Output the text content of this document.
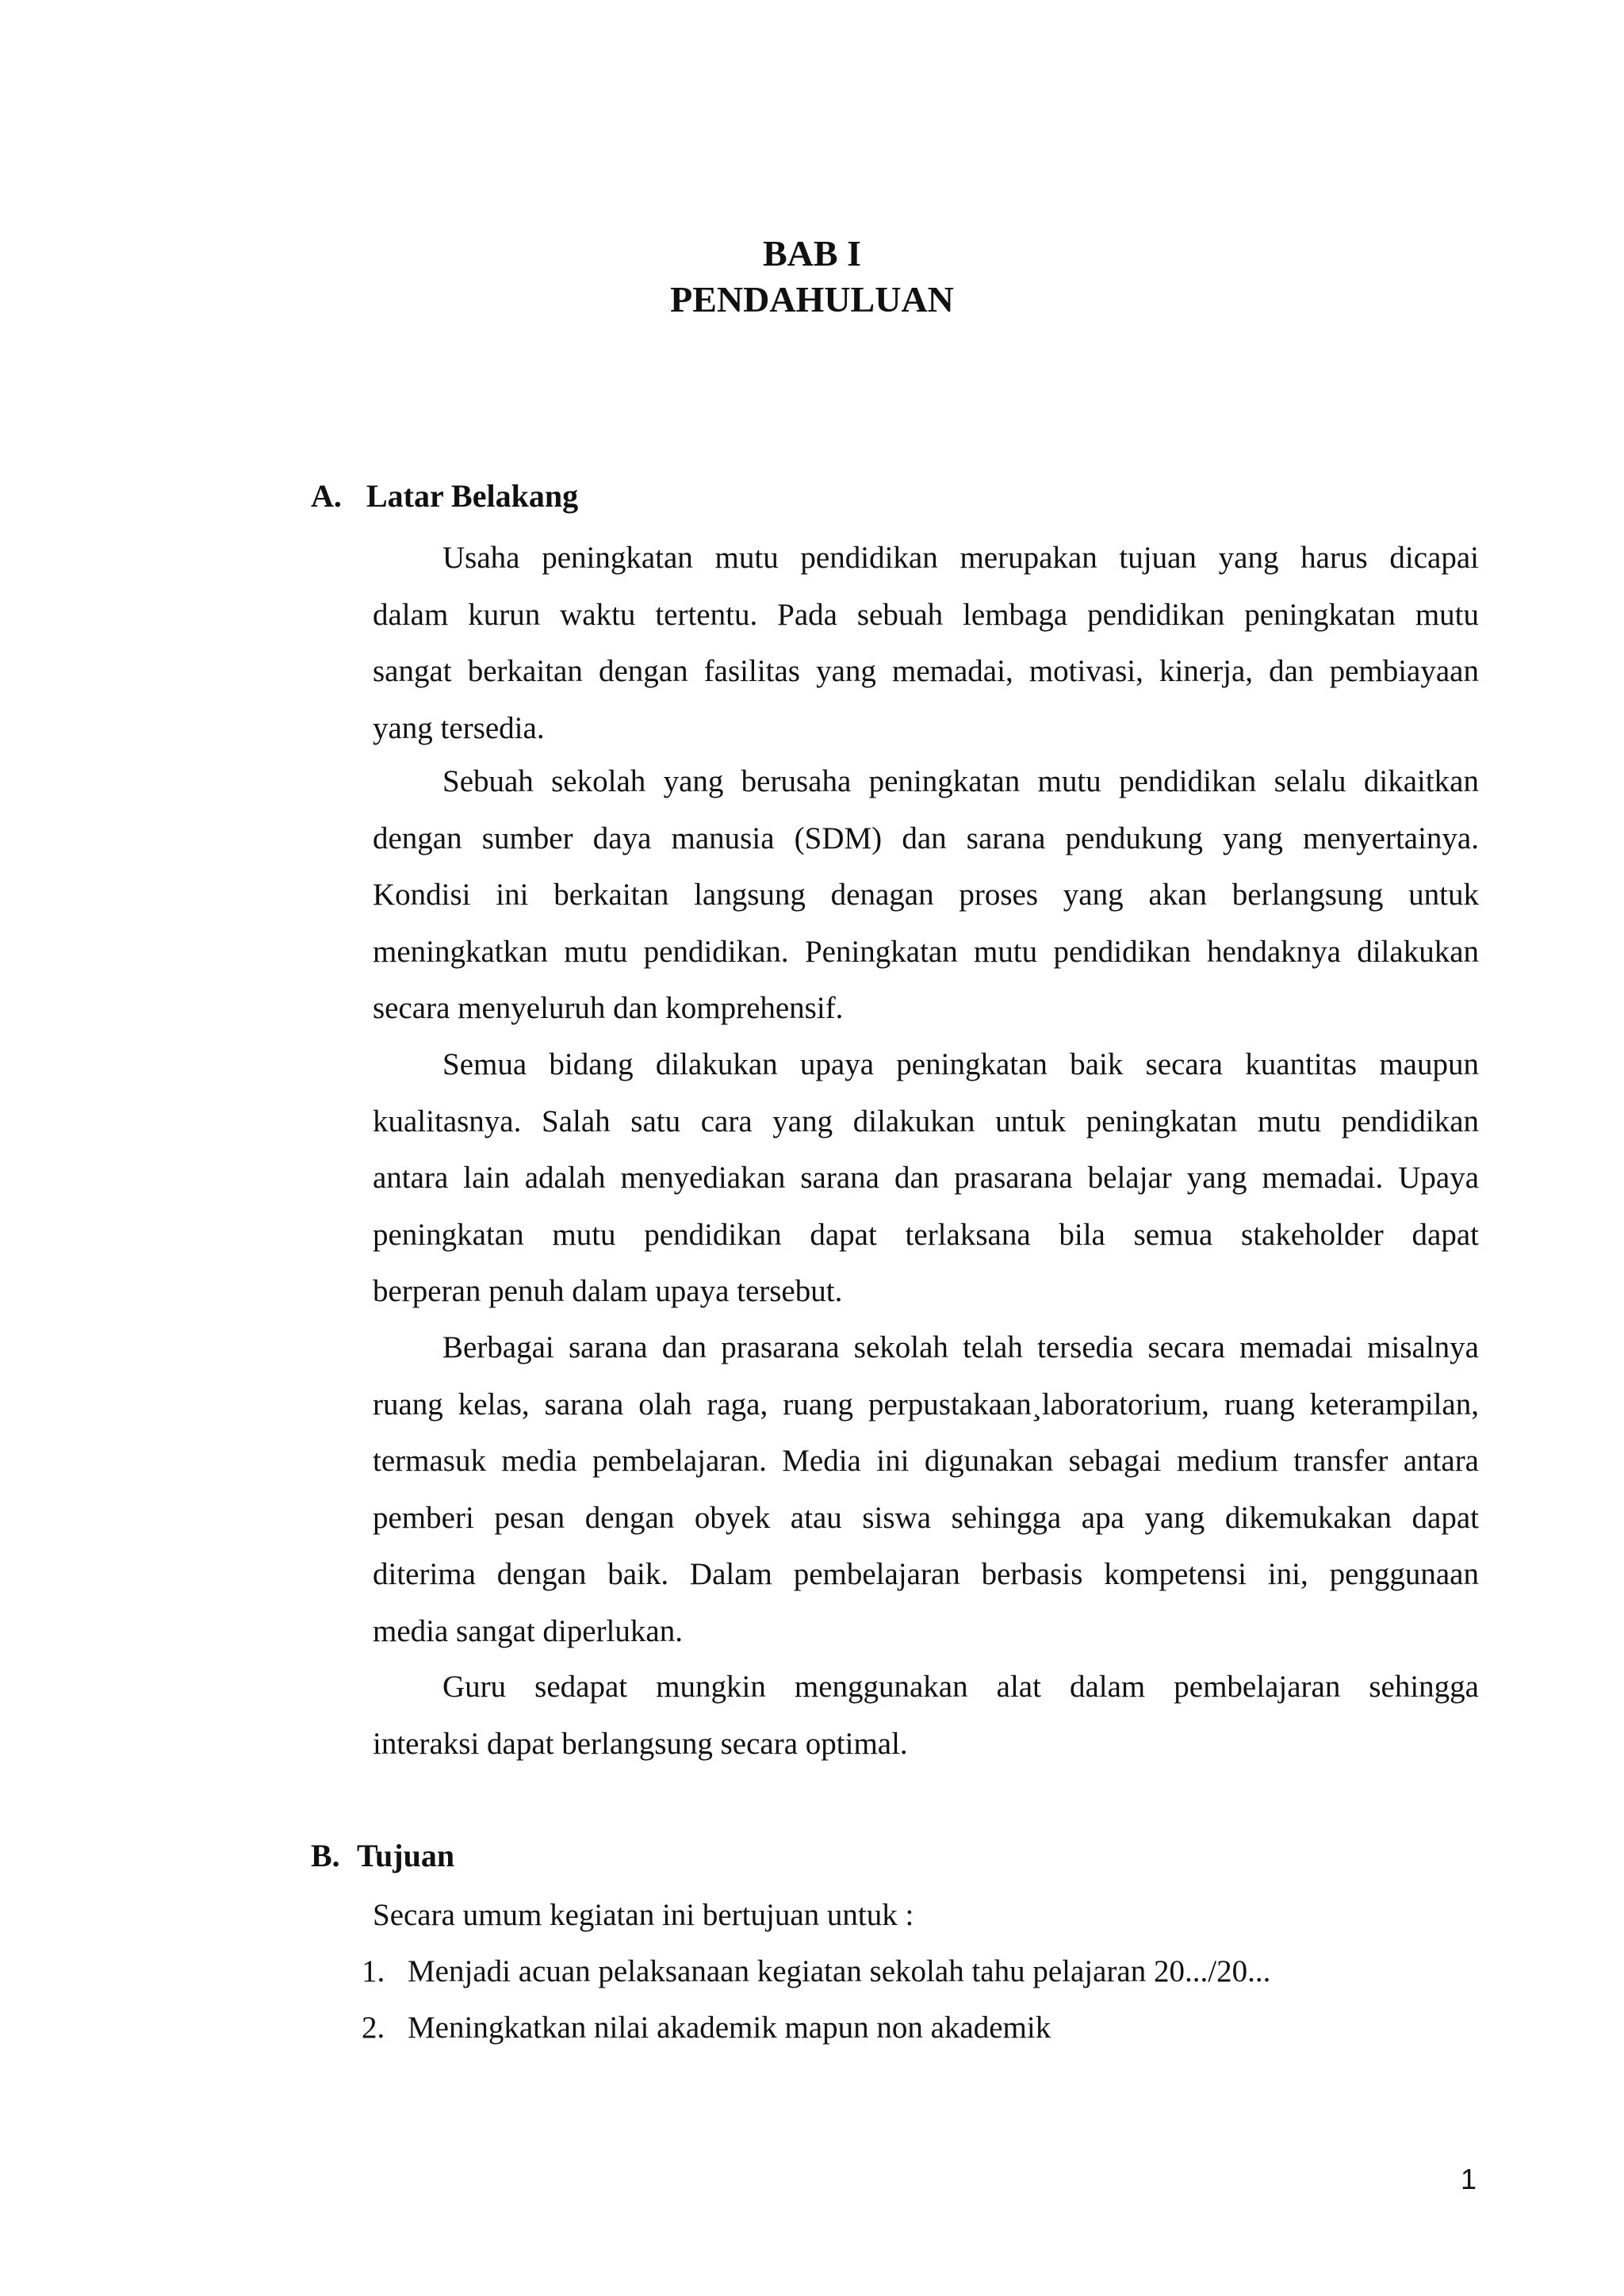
BAB I
PENDAHULUAN
A. Latar Belakang

Usaha peningkatan mutu pendidikan merupakan tujuan yang harus dicapai
dalam kurun waktu tertentu. Pada sebuah lembaga pendidikan peningkatan mutu
sangat berkaitan dengan fasilitas yang memadai, motivasi, kinerja, dan pembiayaan
yang tersedia.

Sebuah sekolah yang berusaha peningkatan mutu pendidikan selalu dikaitkan
dengan sumber daya manusia (SDM) dan sarana pendukung yang menyertainya.
Kondisi ini berkaitan langsung denagan proses yang akan berlangsung untuk
meningkatkan mutu pendidikan. Peningkatan mutu pendidikan hendaknya dilakukan
secara menyeluruh dan komprehensif.

Semua bidang dilakukan upaya peningkatan baik secara kuantitas maupun
kualitasnya. Salah satu cara yang dilakukan untuk peningkatan mutu pendidikan
antara lain adalah menyediakan sarana dan prasarana belajar yang memadai. Upaya
peningkatan mutu pendidikan dapat terlaksana bila semua stakeholder dapat
berperan penuh dalam upaya tersebut.

Berbagai sarana dan prasarana sekolah telah tersedia secara memadai misalnya
ruang kelas, sarana olah raga, ruang perpustakaan¸laboratorium, ruang keterampilan,
termasuk media pembelajaran. Media ini digunakan sebagai medium transfer antara
pemberi pesan dengan obyek atau siswa sehingga apa yang dikemukakan dapat
diterima dengan baik. Dalam pembelajaran berbasis kompetensi ini, penggunaan
media sangat diperlukan.

Guru sedapat mungkin menggunakan alat dalam pembelajaran sehingga
interaksi dapat berlangsung secara optimal.

B. Tujuan
Secara umum kegiatan ini bertujuan untuk :
1. Menjadi acuan pelaksanaan kegiatan sekolah tahu pelajaran 20.../20...
2. Meningkatkan nilai akademik mapun non akademik
1
